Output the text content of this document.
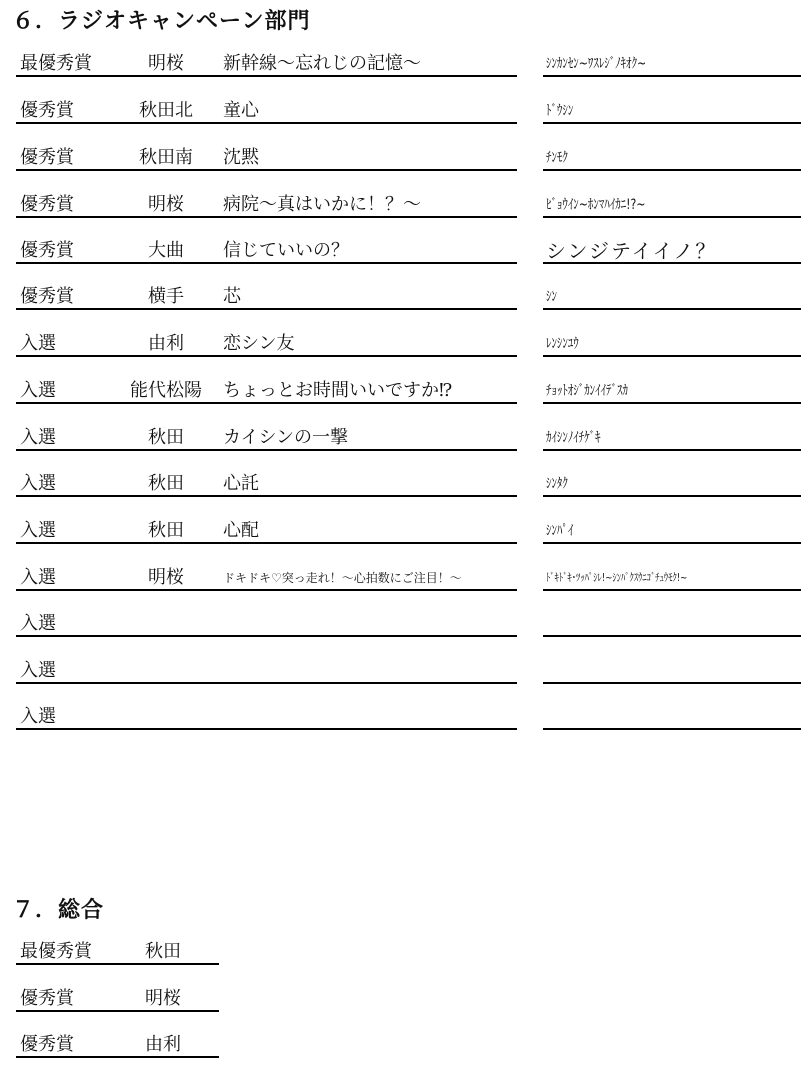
６．ラジオキャンペーン部門
最優秀賞	明桜	新幹線～忘れじの記憶～	ｼﾝｶﾝｾﾝ~ﾜｽﾚｼﾞﾉｷｵｸ~
優秀賞	秋田北	童心	ﾄﾞｳｼﾝ
優秀賞	秋田南	沈黙	ﾁﾝﾓｸ
優秀賞	明桜	病院～真はいかに！？～	ﾋﾞｮｳｲﾝ~ﾎﾝﾏﾊｲｶﾆ!?~
優秀賞	大曲	信じていいの？	シンジテイイノ？
優秀賞	横手	芯	ｼﾝ
入選	由利	恋シン友	ﾚﾝｼﾝﾕｳ
入選	能代松陽	ちょっとお時間いいですか⁉	ﾁｮｯﾄｵｼﾞｶﾝｲｲﾃﾞｽｶ
入選	秋田	カイシンの一撃	ｶｲｼﾝﾉｲﾁｹﾞｷ
入選	秋田	心託	ｼﾝﾀｸ
入選	秋田	心配	ｼﾝﾊﾟｲ
入選	明桜	ドキドキ♡突っ走れ！～心拍数にご注目！～	ﾄﾞｷﾄﾞｷ･ﾂｯﾊﾟｼﾚ!~ｼﾝﾊﾟｸｽｳﾆｺﾞﾁｭｳﾓｸ!~
入選
入選
入選
７．総合
最優秀賞	秋田
優秀賞	明桜
優秀賞	由利
